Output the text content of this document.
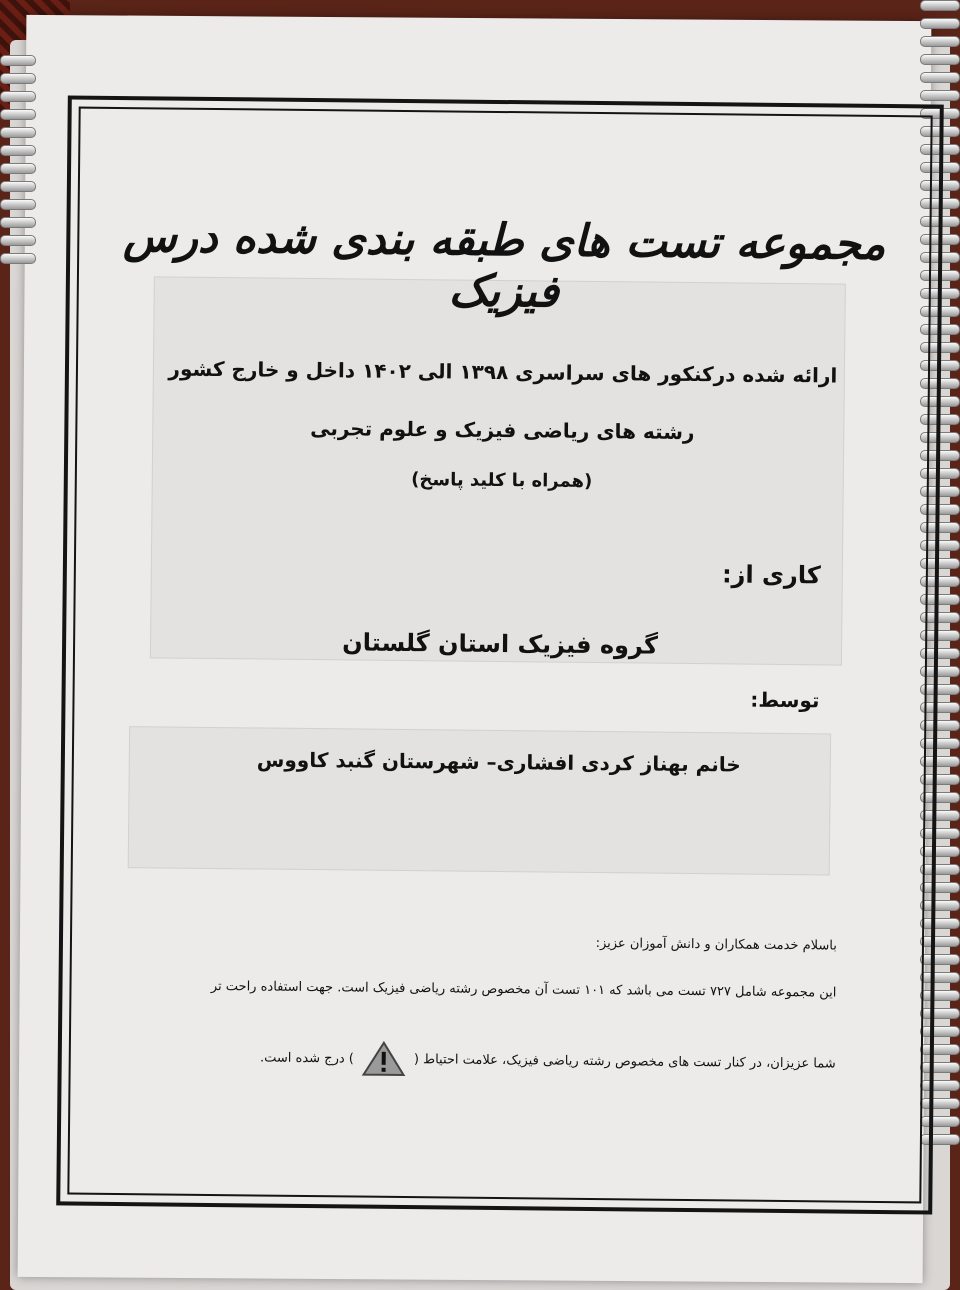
مجموعه تست های طبقه بندی شده درس فیزیک
ارائه شده درکنکور های سراسری ۱۳۹۸ الی ۱۴۰۲ داخل و خارج کشور
رشته های ریاضی فیزیک و علوم تجربی
(همراه با کلید پاسخ)
کاری از:
گروه فیزیک استان گلستان
توسط:
خانم بهناز کردی افشاری– شهرستان گنبد کاووس
باسلام خدمت همکاران و دانش آموزان عزیز:
این مجموعه شامل ۷۲۷ تست می باشد که ۱۰۱ تست آن مخصوص رشته ریاضی فیزیک است. جهت استفاده راحت تر
شما عزیزان، در کنار تست های مخصوص رشته ریاضی فیزیک، علامت احتیاط (
) درج شده است.
